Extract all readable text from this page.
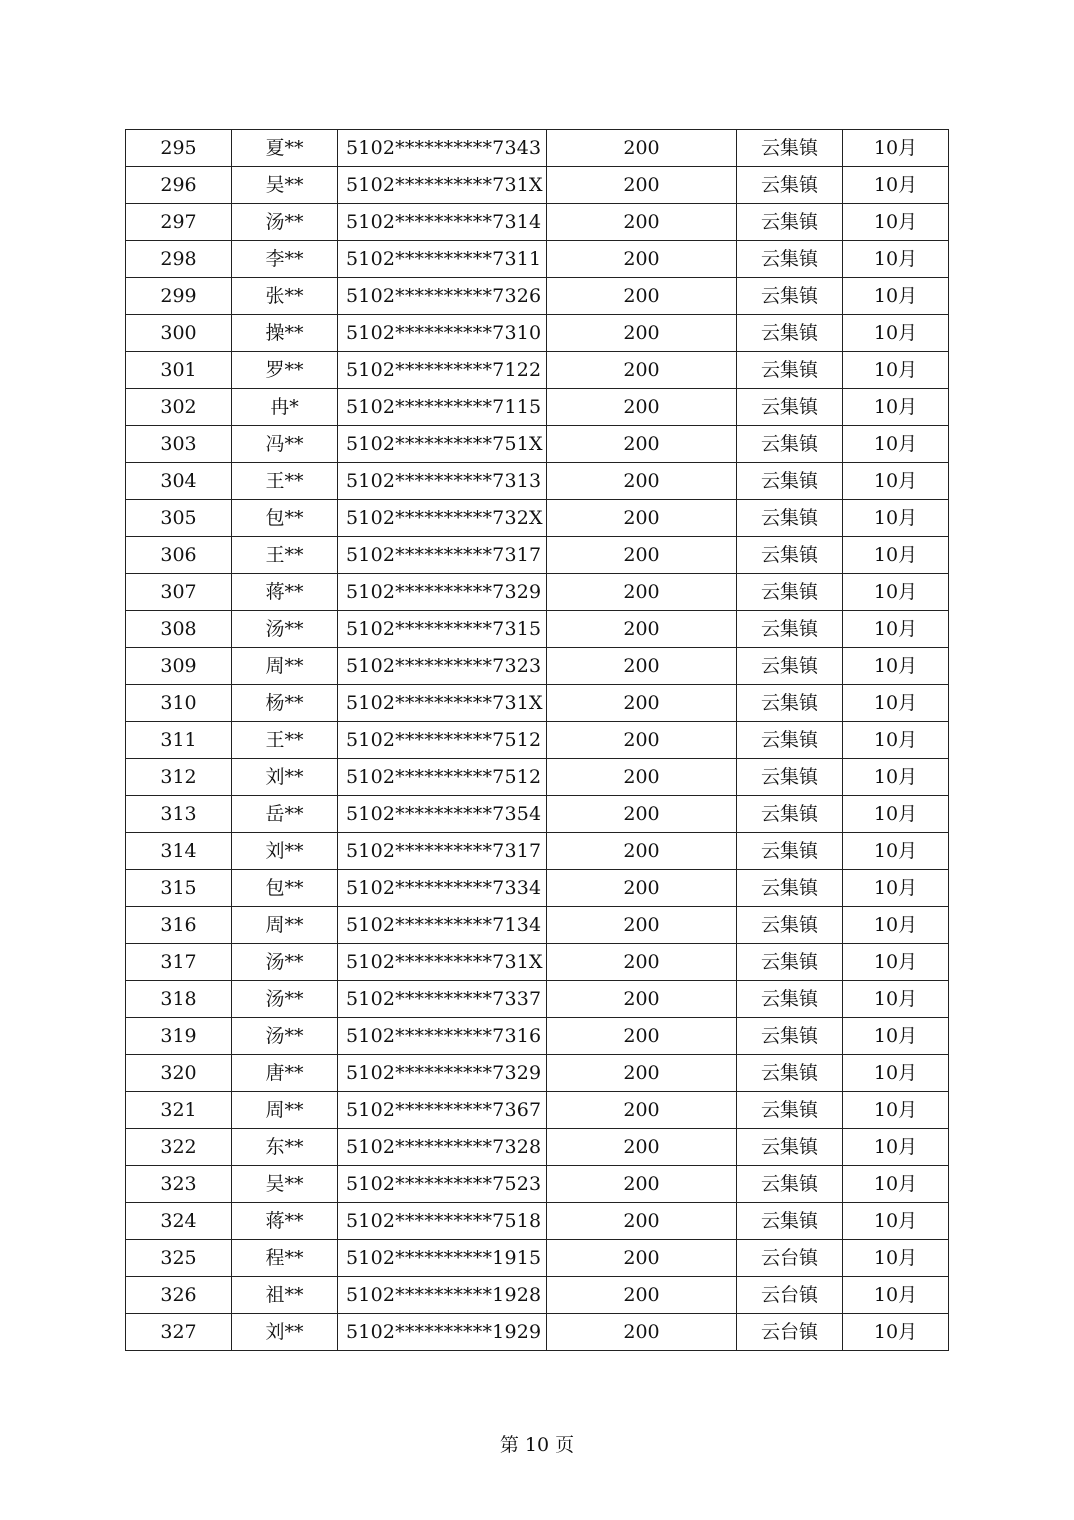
295	夏**	5102**********7343	200	云集镇	10月
296	吴**	5102**********731X	200	云集镇	10月
297	汤**	5102**********7314	200	云集镇	10月
298	李**	5102**********7311	200	云集镇	10月
299	张**	5102**********7326	200	云集镇	10月
300	操**	5102**********7310	200	云集镇	10月
301	罗**	5102**********7122	200	云集镇	10月
302	冉*	5102**********7115	200	云集镇	10月
303	冯**	5102**********751X	200	云集镇	10月
304	王**	5102**********7313	200	云集镇	10月
305	包**	5102**********732X	200	云集镇	10月
306	王**	5102**********7317	200	云集镇	10月
307	蒋**	5102**********7329	200	云集镇	10月
308	汤**	5102**********7315	200	云集镇	10月
309	周**	5102**********7323	200	云集镇	10月
310	杨**	5102**********731X	200	云集镇	10月
311	王**	5102**********7512	200	云集镇	10月
312	刘**	5102**********7512	200	云集镇	10月
313	岳**	5102**********7354	200	云集镇	10月
314	刘**	5102**********7317	200	云集镇	10月
315	包**	5102**********7334	200	云集镇	10月
316	周**	5102**********7134	200	云集镇	10月
317	汤**	5102**********731X	200	云集镇	10月
318	汤**	5102**********7337	200	云集镇	10月
319	汤**	5102**********7316	200	云集镇	10月
320	唐**	5102**********7329	200	云集镇	10月
321	周**	5102**********7367	200	云集镇	10月
322	东**	5102**********7328	200	云集镇	10月
323	吴**	5102**********7523	200	云集镇	10月
324	蒋**	5102**********7518	200	云集镇	10月
325	程**	5102**********1915	200	云台镇	10月
326	祖**	5102**********1928	200	云台镇	10月
327	刘**	5102**********1929	200	云台镇	10月
第 10 页
